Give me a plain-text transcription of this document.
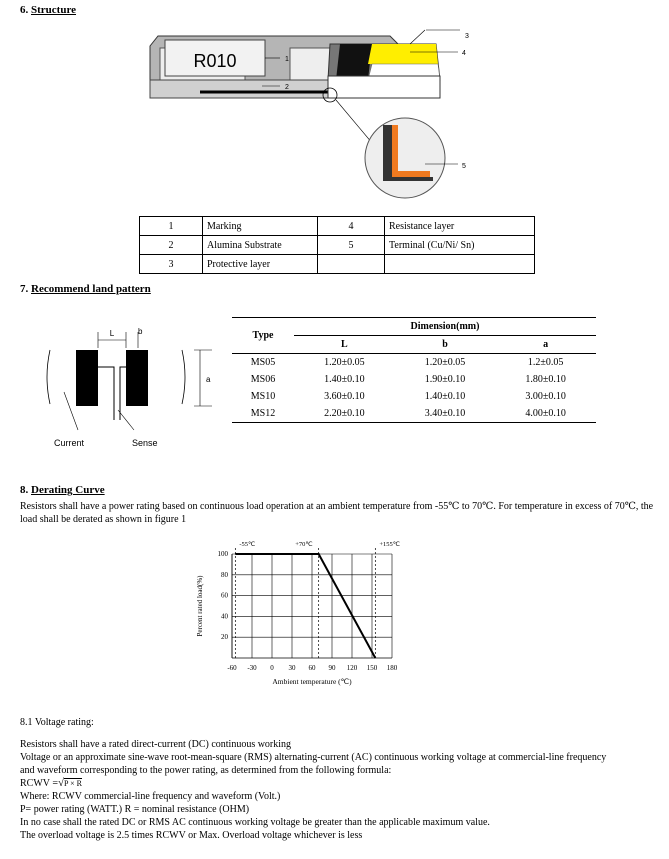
6. Structure
R010	1
2
3
4
5
1	Marking	4	Resistance layer
2	Alumina Substrate	5	Terminal (Cu/Ni/ Sn)
3	Protective layer		
7. Recommend land pattern
L	b
a
Current	Sense
Type	Dimension(mm)		
	L	b	a
MS05	1.20±0.05	1.20±0.05	1.2±0.05
MS06	1.40±0.10	1.90±0.10	1.80±0.10
MS10	3.60±0.10	1.40±0.10	3.00±0.10
MS12	2.20±0.10	3.40±0.10	4.00±0.10
8. Derating Curve
Resistors shall have a power rating based on continuous load operation at an ambient temperature from -55℃ to 70℃. For temperature in excess of 70℃, the load shall be derated as shown in figure 1
-60 -30 0 30 60 90 120 150 180
20
40
60
80
100
-55℃	+70℃	+155℃
Ambient temperature (℃)
Percent rated load(%)
8.1 Voltage rating:
Resistors shall have a rated direct-current (DC) continuous working
Voltage or an approximate sine-wave root-mean-square (RMS) alternating-current (AC) continuous working voltage at commercial-line frequency
and waveform corresponding to the power rating, as determined from the following formula:
RCWV =√P × R
Where: RCWV commercial-line frequency and waveform (Volt.)
P= power rating (WATT.) R = nominal resistance (OHM)
In no case shall the rated DC or RMS AC continuous working voltage be greater than the applicable maximum value.
The overload voltage is 2.5 times RCWV or Max. Overload voltage whichever is less
